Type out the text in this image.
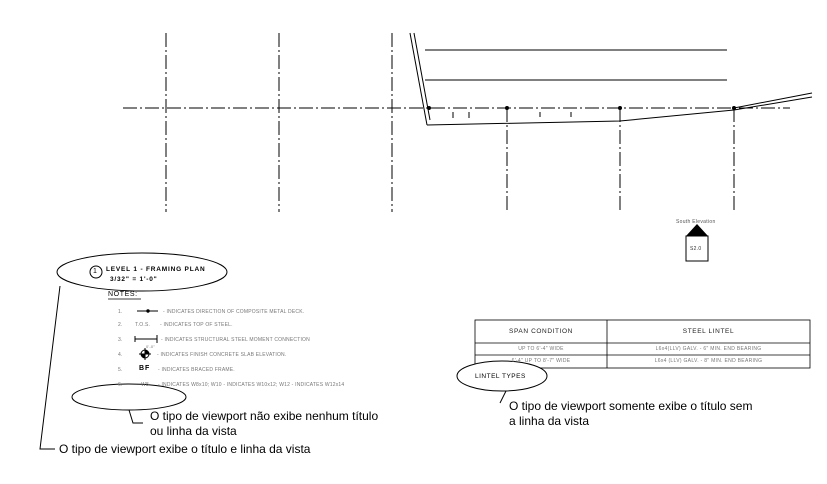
South Elevation
S2.0
1 LEVEL 1 - FRAMING PLAN
3/32" = 1'-0"
NOTES:
1.	- INDICATES DIRECTION OF COMPOSITE METAL DECK.
2. T.O.S. - INDICATES TOP OF STEEL.
3.	- INDICATES STRUCTURAL STEEL MOMENT CONNECTION
0'-0"
4.	- INDICATES FINISH CONCRETE SLAB ELEVATION.
5. BF - INDICATES BRACED FRAME.
6.	W8 - INDICATES W8x10; W10 - INDICATES W10x12; W12 - INDICATES W12x14
SPAN CONDITION	STEEL LINTEL
UP TO 6'-4" WIDE	L6x4(LLV) GALV. - 6" MIN. END BEARING
6'-4" UP TO 8'-7" WIDE	L6x4 (LLV) GALV. - 8" MIN. END BEARING
LINTEL TYPES
O tipo de viewport não exibe nenhum título
ou linha da vista
O tipo de viewport somente exibe o título sem
a linha da vista
O tipo de viewport exibe o título e linha da vista
